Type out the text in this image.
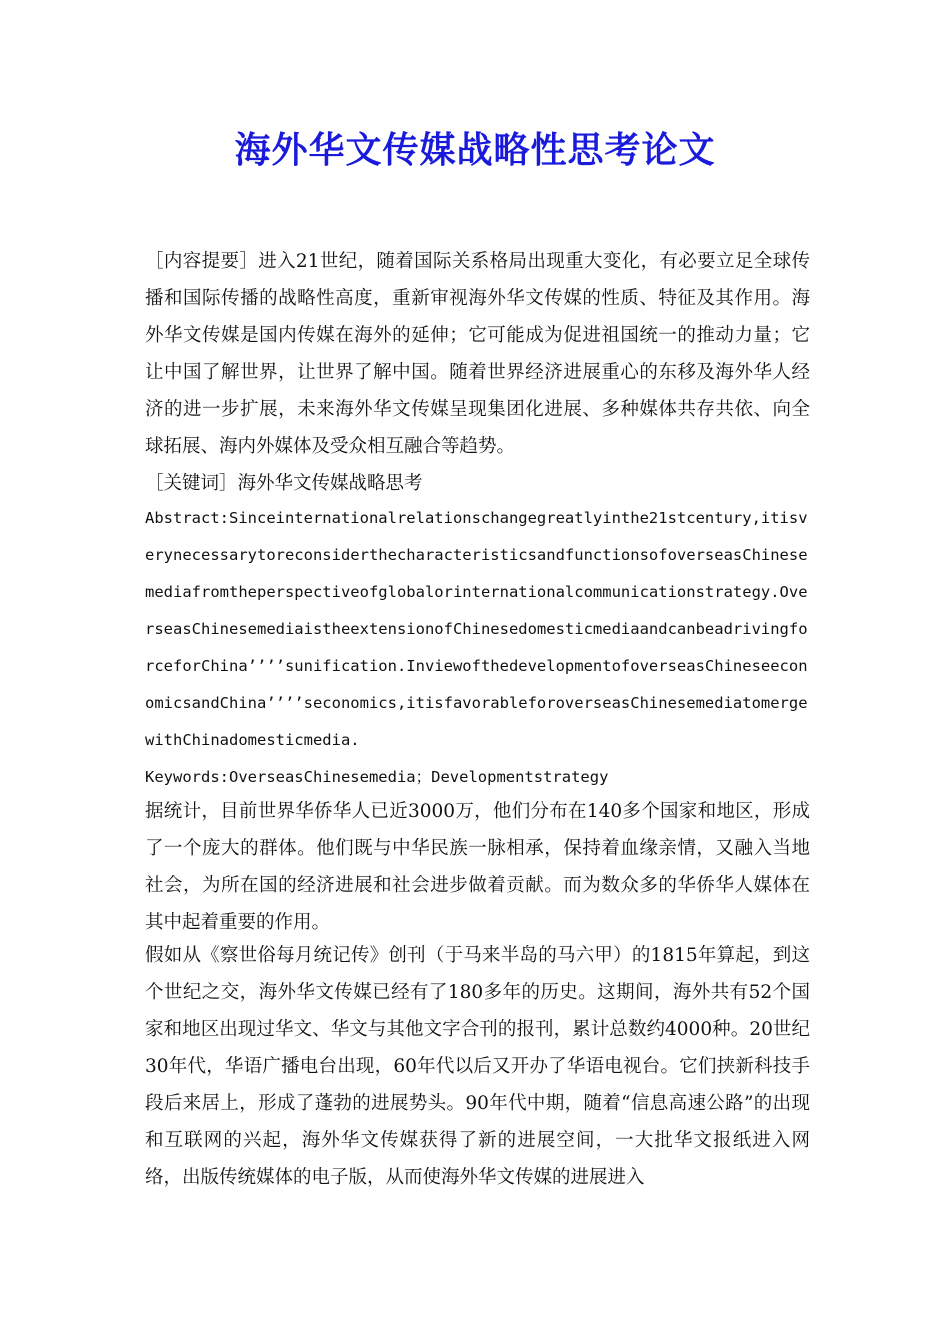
海外华文传媒战略性思考论文

［内容提要］进入21世纪，随着国际关系格局出现重大变化，有必要立足全球传播和国际传播的战略性高度，重新审视海外华文传媒的性质、特征及其作用。海外华文传媒是国内传媒在海外的延伸；它可能成为促进祖国统一的推动力量；它让中国了解世界，让世界了解中国。随着世界经济进展重心的东移及海外华人经济的进一步扩展，未来海外华文传媒呈现集团化进展、多种媒体共存共依、向全球拓展、海内外媒体及受众相互融合等趋势。

［关键词］海外华文传媒战略思考

Abstract:Sinceinternationalrelationschangegreatlyinthe21stcentury,itisverynecessarytoreconsiderthecharacteristicsandfunctionsofoverseasChinesemediafromtheperspectiveofglobalorinternationalcommunicationstrategy.OverseasChinesemediaistheextensionofChinesedomesticmediaandcanbeadrivingforceforChina’’’’sunification.InviewofthedevelopmentofoverseasChineseeconomicsandChina’’’’seconomics,itisfavorableforoverseasChinesemediatomergewithChinadomesticmedia.

Keywords:OverseasChinesemedia；Developmentstrategy

据统计，目前世界华侨华人已近3000万，他们分布在140多个国家和地区，形成了一个庞大的群体。他们既与中华民族一脉相承，保持着血缘亲情，又融入当地社会，为所在国的经济进展和社会进步做着贡献。而为数众多的华侨华人媒体在其中起着重要的作用。

假如从《察世俗每月统记传》创刊（于马来半岛的马六甲）的1815年算起，到这个世纪之交，海外华文传媒已经有了180多年的历史。这期间，海外共有52个国家和地区出现过华文、华文与其他文字合刊的报刊，累计总数约4000种。20世纪30年代，华语广播电台出现，60年代以后又开办了华语电视台。它们挟新科技手段后来居上，形成了蓬勃的进展势头。90年代中期，随着“信息高速公路”的出现和互联网的兴起，海外华文传媒获得了新的进展空间，一大批华文报纸进入网络，出版传统媒体的电子版，从而使海外华文传媒的进展进入
